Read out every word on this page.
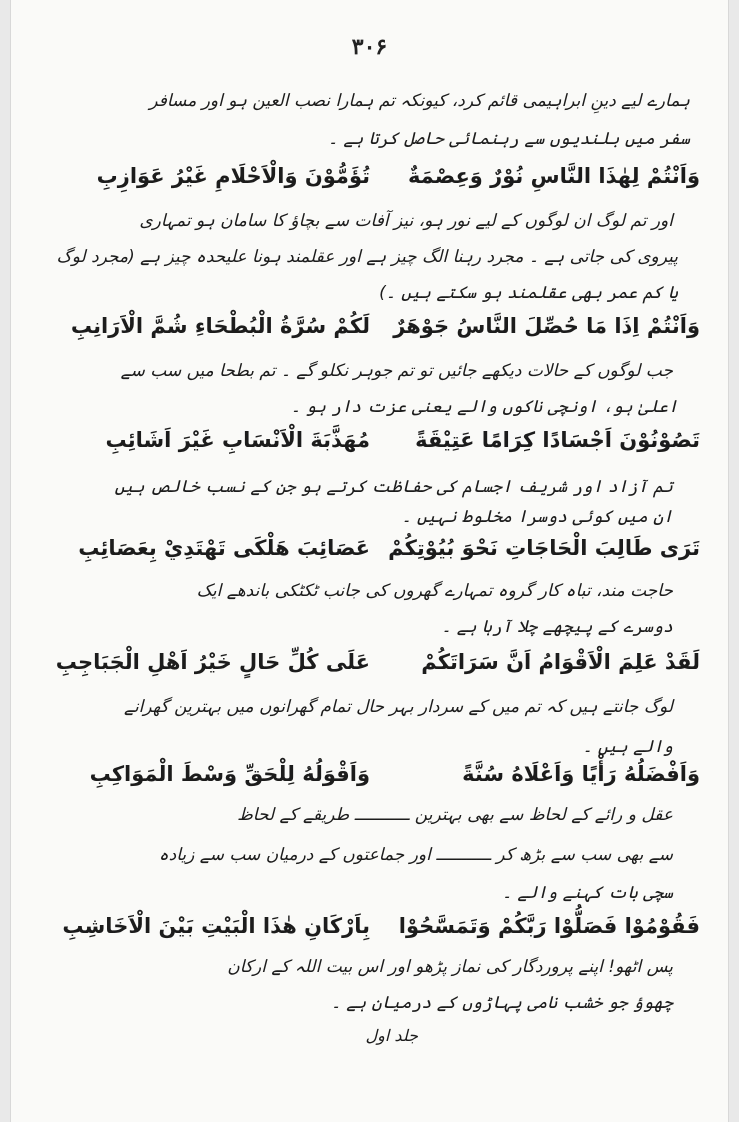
۳۰۶
ہمارے لیے دینِ ابراہیمی قائم کرد، کیونکہ تم ہمارا نصب العین ہو اور مسافر
سفر میں بلندیوں سے رہنمائی حاصل کرتا ہے ۔
وَاَنْتُمْ لِهٰذَا النَّاسِ نُوْرٌ وَعِصْمَةٌ
تُؤَمُّوْنَ وَالْاَحْلَامِ غَيْرُ عَوَازِبِ
اور تم لوگ ان لوگوں کے لیے نور ہو، نیز آفات سے بچاؤ کا سامان ہو تمہاری
پیروی کی جاتی ہے ۔ مجرد رہنا الگ چیز ہے اور عقلمند ہونا علیحدہ چیز ہے (مجرد لوگ
یا کم عمر بھی عقلمند ہو سکتے ہیں ۔)
وَاَنْتُمْ اِذَا مَا حُصِّلَ النَّاسُ جَوْهَرٌ
لَكُمْ سُرَّةُ الْبُطْحَاءِ شُمَّ الْاَرَانِبِ
جب لوگوں کے حالات دیکھے جائیں تو تم جوہر نکلو گے ۔ تم بطحا میں سب سے
اعلیٰ ہو، اونچی ناکوں والے یعنی عزت دار ہو ۔
تَصُوْنُوْنَ اَجْسَادًا كِرَامًا عَتِيْقَةً
مُهَذَّبَةَ الْاَنْسَابِ غَيْرَ اَشَائِبِ
تم آزاد اور شریف اجسام کی حفاظت کرتے ہو جن کے نسب خالص ہیں
ان میں کوئی دوسرا مخلوط نہیں ۔
تَرَى طَالِبَ الْحَاجَاتِ نَحْوَ بُيُوْتِكُمْ
عَصَائِبَ هَلْكَى تَهْتَدِيْ بِعَصَائِبِ
حاجت مند، تباہ کار گروہ تمہارے گھروں کی جانب ٹکٹکی باندھے ایک
دوسرے کے پیچھے چلا آرہا ہے ۔
لَقَدْ عَلِمَ الْاَقْوَامُ اَنَّ سَرَاتَكُمْ
عَلَى كُلِّ حَالٍ خَيْرُ اَهْلِ الْجَبَاجِبِ
لوگ جانتے ہیں کہ تم میں کے سردار بہر حال تمام گھرانوں میں بہترین گھرانے
والے ہیں ۔
وَاَفْضَلُهُ رَأْيًا وَاَعْلَاهُ سُنَّةً
وَاَقْوَلُهُ لِلْحَقِّ وَسْطَ الْمَوَاكِبِ
عقل و رائے کے لحاظ سے بھی بہترین ـــــــــــ طریقے کے لحاظ
سے بھی سب سے بڑھ کر ـــــــــــ اور جماعتوں کے درمیان سب سے زیادہ
سچی بات کہنے والے ۔
فَقُوْمُوْا فَصَلُّوْا رَبَّكُمْ وَتَمَسَّحُوْا
بِاَرْكَانِ هٰذَا الْبَيْتِ بَيْنَ الْاَخَاشِبِ
پس اٹھو! اپنے پروردگار کی نماز پڑھو اور اس بیت اللہ کے ارکان
چھوؤ جو خشب نامی پہاڑوں کے درمیان ہے ۔
جلد اول
